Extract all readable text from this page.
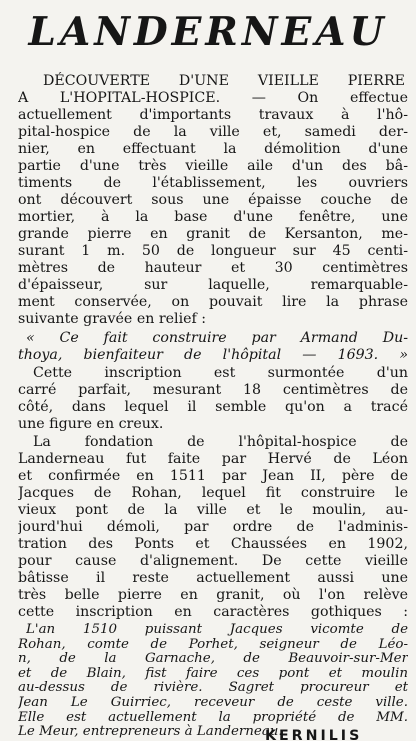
LANDERNEAU
DÉCOUVERTE D'UNE VIEILLE PIERRE
A L'HOPITAL-HOSPICE. — On effectue
actuellement d'importants travaux à l'hô-
pital-hospice de la ville et, samedi der-
nier, en effectuant la démolition d'une
partie d'une très vieille aile d'un des bâ-
timents de l'établissement, les ouvriers
ont découvert sous une épaisse couche de
mortier, à la base d'une fenêtre, une
grande pierre en granit de Kersanton, me-
surant 1 m. 50 de longueur sur 45 centi-
mètres de hauteur et 30 centimètres
d'épaisseur, sur laquelle, remarquable-
ment conservée, on pouvait lire la phrase
suivante gravée en relief :
« Ce fait construire par Armand Du-
thoya, bienfaiteur de l'hôpital — 1693. »
Cette inscription est surmontée d'un
carré parfait, mesurant 18 centimètres de
côté, dans lequel il semble qu'on a tracé
une figure en creux.
La fondation de l'hôpital-hospice de
Landerneau fut faite par Hervé de Léon
et confirmée en 1511 par Jean II, père de
Jacques de Rohan, lequel fit construire le
vieux pont de la ville et le moulin, au-
jourd'hui démoli, par ordre de l'adminis-
tration des Ponts et Chaussées en 1902,
pour cause d'alignement. De cette vieille
bâtisse il reste actuellement aussi une
très belle pierre en granit, où l'on relève
cette inscription en caractères gothiques :
L'an 1510 puissant Jacques vicomte de
Rohan, comte de Porhet, seigneur de Léo-
n, de la Garnache, de Beauvoir-sur-Mer
et de Blain, fist faire ces pont et moulin
au-dessus de rivière. Sagret procureur et
Jean Le Guirriec, receveur de ceste ville.
Elle est actuellement la propriété de MM.
Le Meur, entrepreneurs à Landerneau.
KERNILIS
